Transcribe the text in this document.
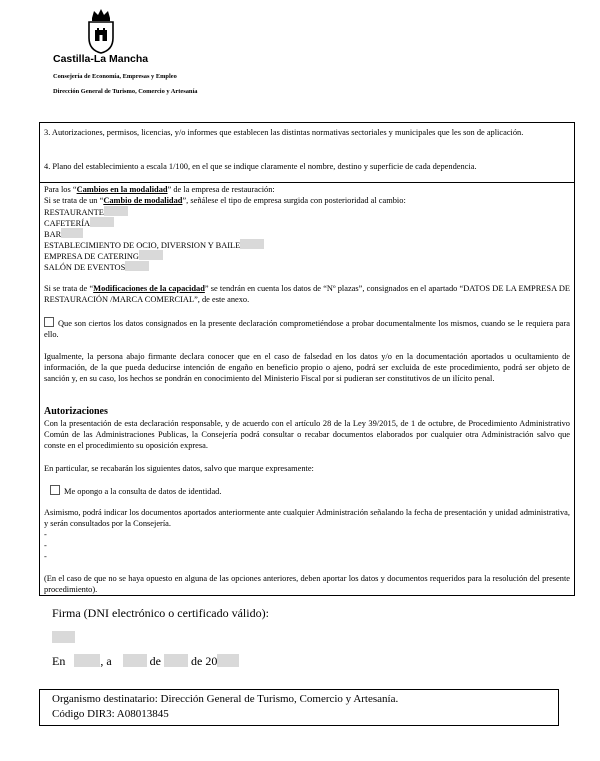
Castilla-La Mancha
Consejería de Economía, Empresas y Empleo
Dirección General de Turismo, Comercio y Artesanía
3. Autorizaciones, permisos, licencias, y/o informes que establecen las distintas normativas sectoriales y municipales que les son de aplicación.
4. Plano del establecimiento a escala 1/100, en el que se indique claramente el nombre, destino y superficie de cada dependencia.
Para los “Cambios en la modalidad” de la empresa de restauración:
Si se trata de un “Cambio de modalidad”, señálese el tipo de empresa surgida con posterioridad al cambio:
RESTAURANTE
CAFETERÍA
BAR
ESTABLECIMIENTO DE OCIO, DIVERSION Y BAILE
EMPRESA DE CATERING
SALÓN DE EVENTOS
Si se trata de “Modificaciones de la capacidad” se tendrán en cuenta los datos de “Nº plazas”, consignados en el apartado “DATOS DE LA EMPRESA DE RESTAURACIÓN /MARCA COMERCIAL”, de este anexo.
Que son ciertos los datos consignados en la presente declaración comprometiéndose a probar documentalmente los mismos, cuando se le requiera para ello.
Igualmente, la persona abajo firmante declara conocer que en el caso de falsedad en los datos y/o en la documentación aportados u ocultamiento de información, de la que pueda deducirse intención de engaño en beneficio propio o ajeno, podrá ser excluida de este procedimiento, podrá ser objeto de sanción y, en su caso, los hechos se pondrán en conocimiento del Ministerio Fiscal por si pudieran ser constitutivos de un ilícito penal.
Autorizaciones
Con la presentación de esta declaración responsable, y de acuerdo con el artículo 28 de la Ley 39/2015, de 1 de octubre, de Procedimiento Administrativo Común de las Administraciones Publicas, la Consejería podrá consultar o recabar documentos elaborados por cualquier otra Administración salvo que conste en el procedimiento su oposición expresa.
En particular, se recabarán los siguientes datos, salvo que marque expresamente:
Me opongo a la consulta de datos de identidad.
Asimismo, podrá indicar los documentos aportados anteriormente ante cualquier Administración señalando la fecha de presentación y unidad administrativa, y serán consultados por la Consejería.
-
-
-
(En el caso de que no se haya opuesto en alguna de las opciones anteriores, deben aportar los datos y documentos requeridos para la resolución del presente procedimiento).
Firma (DNI electrónico o certificado válido):
En	, a	de	de 20
Organismo destinatario: Dirección General de Turismo, Comercio y Artesanía.
Código DIR3: A08013845
